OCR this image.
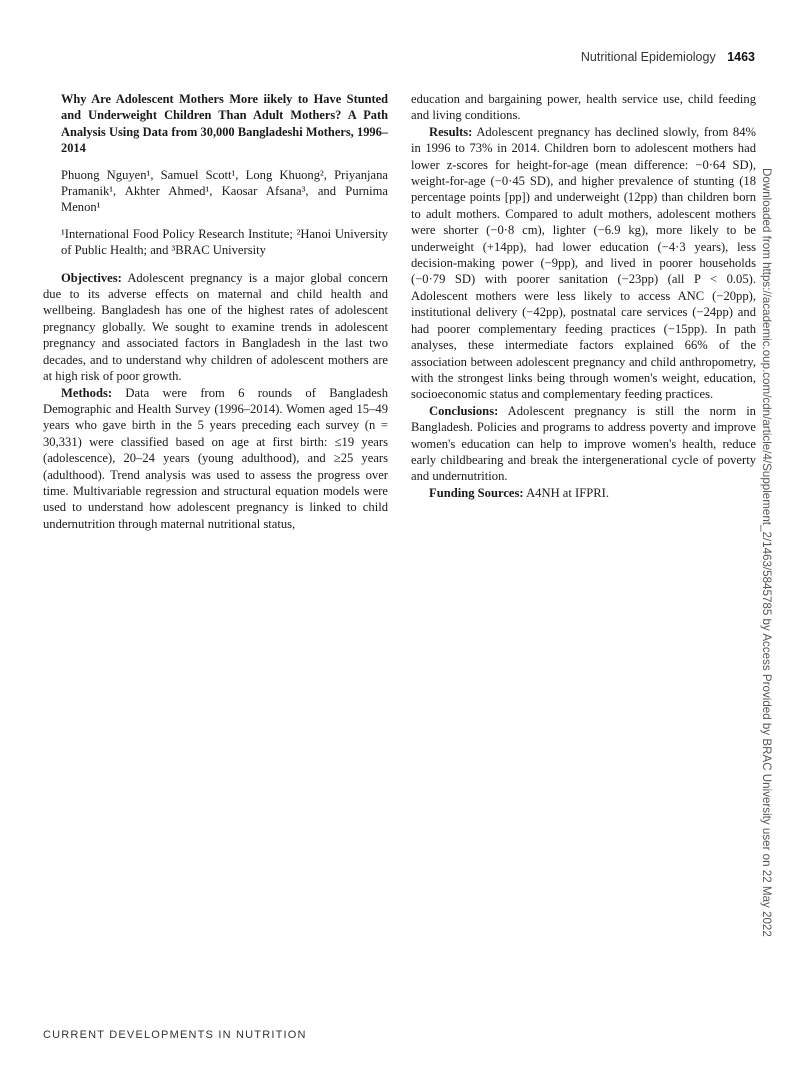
Nutritional Epidemiology 1463
Why Are Adolescent Mothers More iikely to Have Stunted and Underweight Children Than Adult Mothers? A Path Analysis Using Data from 30,000 Bangladeshi Mothers, 1996–2014
Phuong Nguyen¹, Samuel Scott¹, Long Khuong², Priyanjana Pramanik¹, Akhter Ahmed¹, Kaosar Afsana³, and Purnima Menon¹
¹International Food Policy Research Institute; ²Hanoi University of Public Health; and ³BRAC University

Objectives: Adolescent pregnancy is a major global concern due to its adverse effects on maternal and child health and wellbeing. Bangladesh has one of the highest rates of adolescent pregnancy globally. We sought to examine trends in adolescent pregnancy and associated factors in Bangladesh in the last two decades, and to understand why children of adolescent mothers are at high risk of poor growth.

Methods: Data were from 6 rounds of Bangladesh Demographic and Health Survey (1996–2014). Women aged 15–49 years who gave birth in the 5 years preceding each survey (n = 30,331) were classified based on age at first birth: ≤19 years (adolescence), 20–24 years (young adulthood), and ≥25 years (adulthood). Trend analysis was used to assess the progress over time. Multivariable regression and structural equation models were used to understand how adolescent pregnancy is linked to child undernutrition through maternal nutritional status,

education and bargaining power, health service use, child feeding and living conditions.

Results: Adolescent pregnancy has declined slowly, from 84% in 1996 to 73% in 2014. Children born to adolescent mothers had lower z-scores for height-for-age (mean difference: −0·64 SD), weight-for-age (−0·45 SD), and higher prevalence of stunting (18 percentage points [pp]) and underweight (12pp) than children born to adult mothers. Compared to adult mothers, adolescent mothers were shorter (−0·8 cm), lighter (−6.9 kg), more likely to be underweight (+14pp), had lower education (−4·3 years), less decision-making power (−9pp), and lived in poorer households (−0·79 SD) with poorer sanitation (−23pp) (all P < 0.05). Adolescent mothers were less likely to access ANC (−20pp), institutional delivery (−42pp), postnatal care services (−24pp) and had poorer complementary feeding practices (−15pp). In path analyses, these intermediate factors explained 66% of the association between adolescent pregnancy and child anthropometry, with the strongest links being through women's weight, education, socioeconomic status and complementary feeding practices.

Conclusions: Adolescent pregnancy is still the norm in Bangladesh. Policies and programs to address poverty and improve women's education can help to improve women's health, reduce early childbearing and break the intergenerational cycle of poverty and undernutrition.

Funding Sources: A4NH at IFPRI.

CURRENT DEVELOPMENTS IN NUTRITION
Downloaded from https://academic.oup.com/cdn/article/4/Supplement_2/1463/5845785 by Access Provided by BRAC University user on 22 May 2022
